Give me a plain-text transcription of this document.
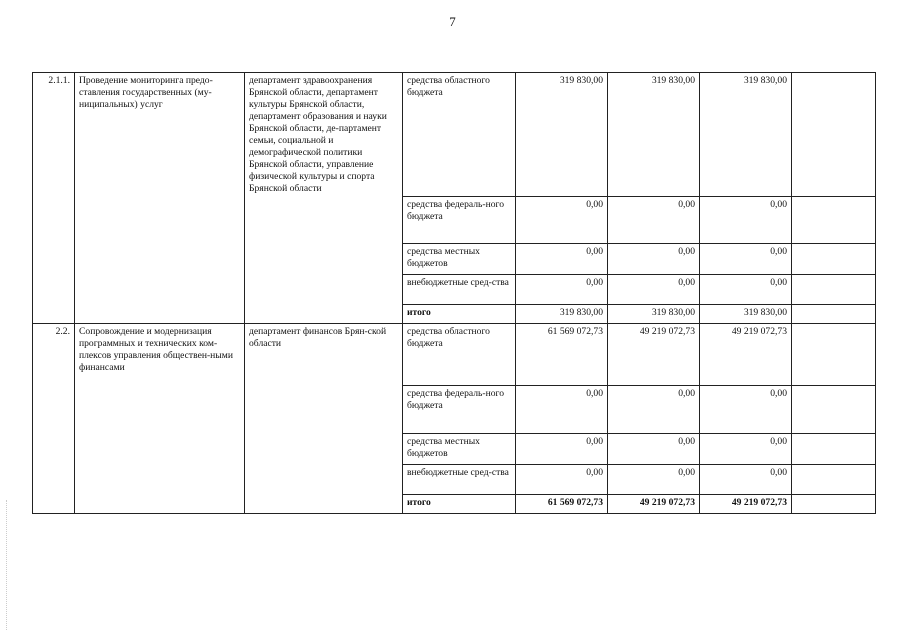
7
2.1.1.	Проведение мониторинга предо-ставления государственных (му-ниципальных) услуг	департамент здравоохранения Брянской области, департамент культуры Брянской области, департамент образования и науки Брянской области, де-партамент семьи, социальной и демографической политики Брянской области, управление физической культуры и спорта Брянской области	средства областного бюджета	319 830,00	319 830,00	319 830,00	
			средства федераль-ного бюджета	0,00	0,00	0,00	
			средства местных бюджетов	0,00	0,00	0,00	
			внебюджетные сред-ства	0,00	0,00	0,00	
			итого	319 830,00	319 830,00	319 830,00	
2.2.	Сопровождение и модернизация программных и технических ком-плексов управления обществен-ными финансами	департамент финансов Брян-ской области	средства областного бюджета	61 569 072,73	49 219 072,73	49 219 072,73	
			средства федераль-ного бюджета	0,00	0,00	0,00	
			средства местных бюджетов	0,00	0,00	0,00	
			внебюджетные сред-ства	0,00	0,00	0,00	
			итого	61 569 072,73	49 219 072,73	49 219 072,73	
